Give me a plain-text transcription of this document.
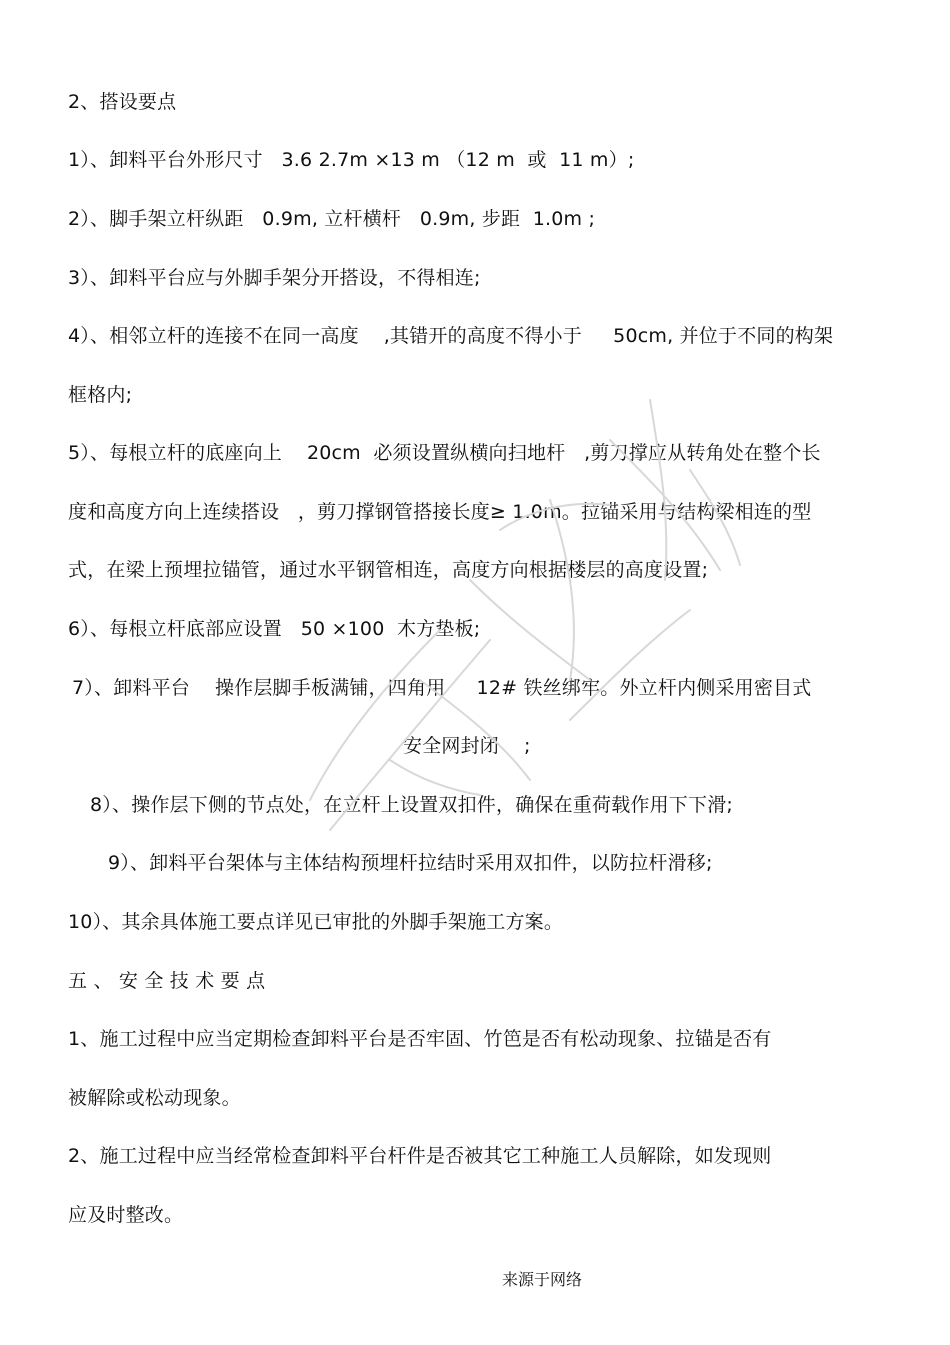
2、搭设要点
1）、卸料平台外形尺寸   3.6 2.7m ×13 m （12 m  或  11 m）;
2）、脚手架立杆纵距   0.9m, 立杆横杆   0.9m, 步距  1.0m ;
3）、卸料平台应与外脚手架分开搭设，不得相连;
4）、相邻立杆的连接不在同一高度    ,其错开的高度不得小于     50cm, 并位于不同的构架
框格内;
5）、每根立杆的底座向上    20cm  必须设置纵横向扫地杆   ,剪刀撑应从转角处在整个长
度和高度方向上连续搭设   ，剪刀撑钢管搭接长度≥ 1.0m。拉锚采用与结构梁相连的型
式，在梁上预埋拉锚管，通过水平钢管相连，高度方向根据楼层的高度设置;
6）、每根立杆底部应设置   50 ×100  木方垫板;
7）、卸料平台    操作层脚手板满铺，四角用     12# 铁丝绑牢。外立杆内侧采用密目式
安全网封闭    ;
8）、操作层下侧的节点处，在立杆上设置双扣件，确保在重荷载作用下下滑;
9）、卸料平台架体与主体结构预埋杆拉结时采用双扣件，以防拉杆滑移;
10）、其余具体施工要点详见已审批的外脚手架施工方案。
五 、 安 全 技 术 要 点
1、施工过程中应当定期检查卸料平台是否牢固、竹笆是否有松动现象、拉锚是否有
被解除或松动现象。
2、施工过程中应当经常检查卸料平台杆件是否被其它工种施工人员解除，如发现则
应及时整改。
来源于网络
